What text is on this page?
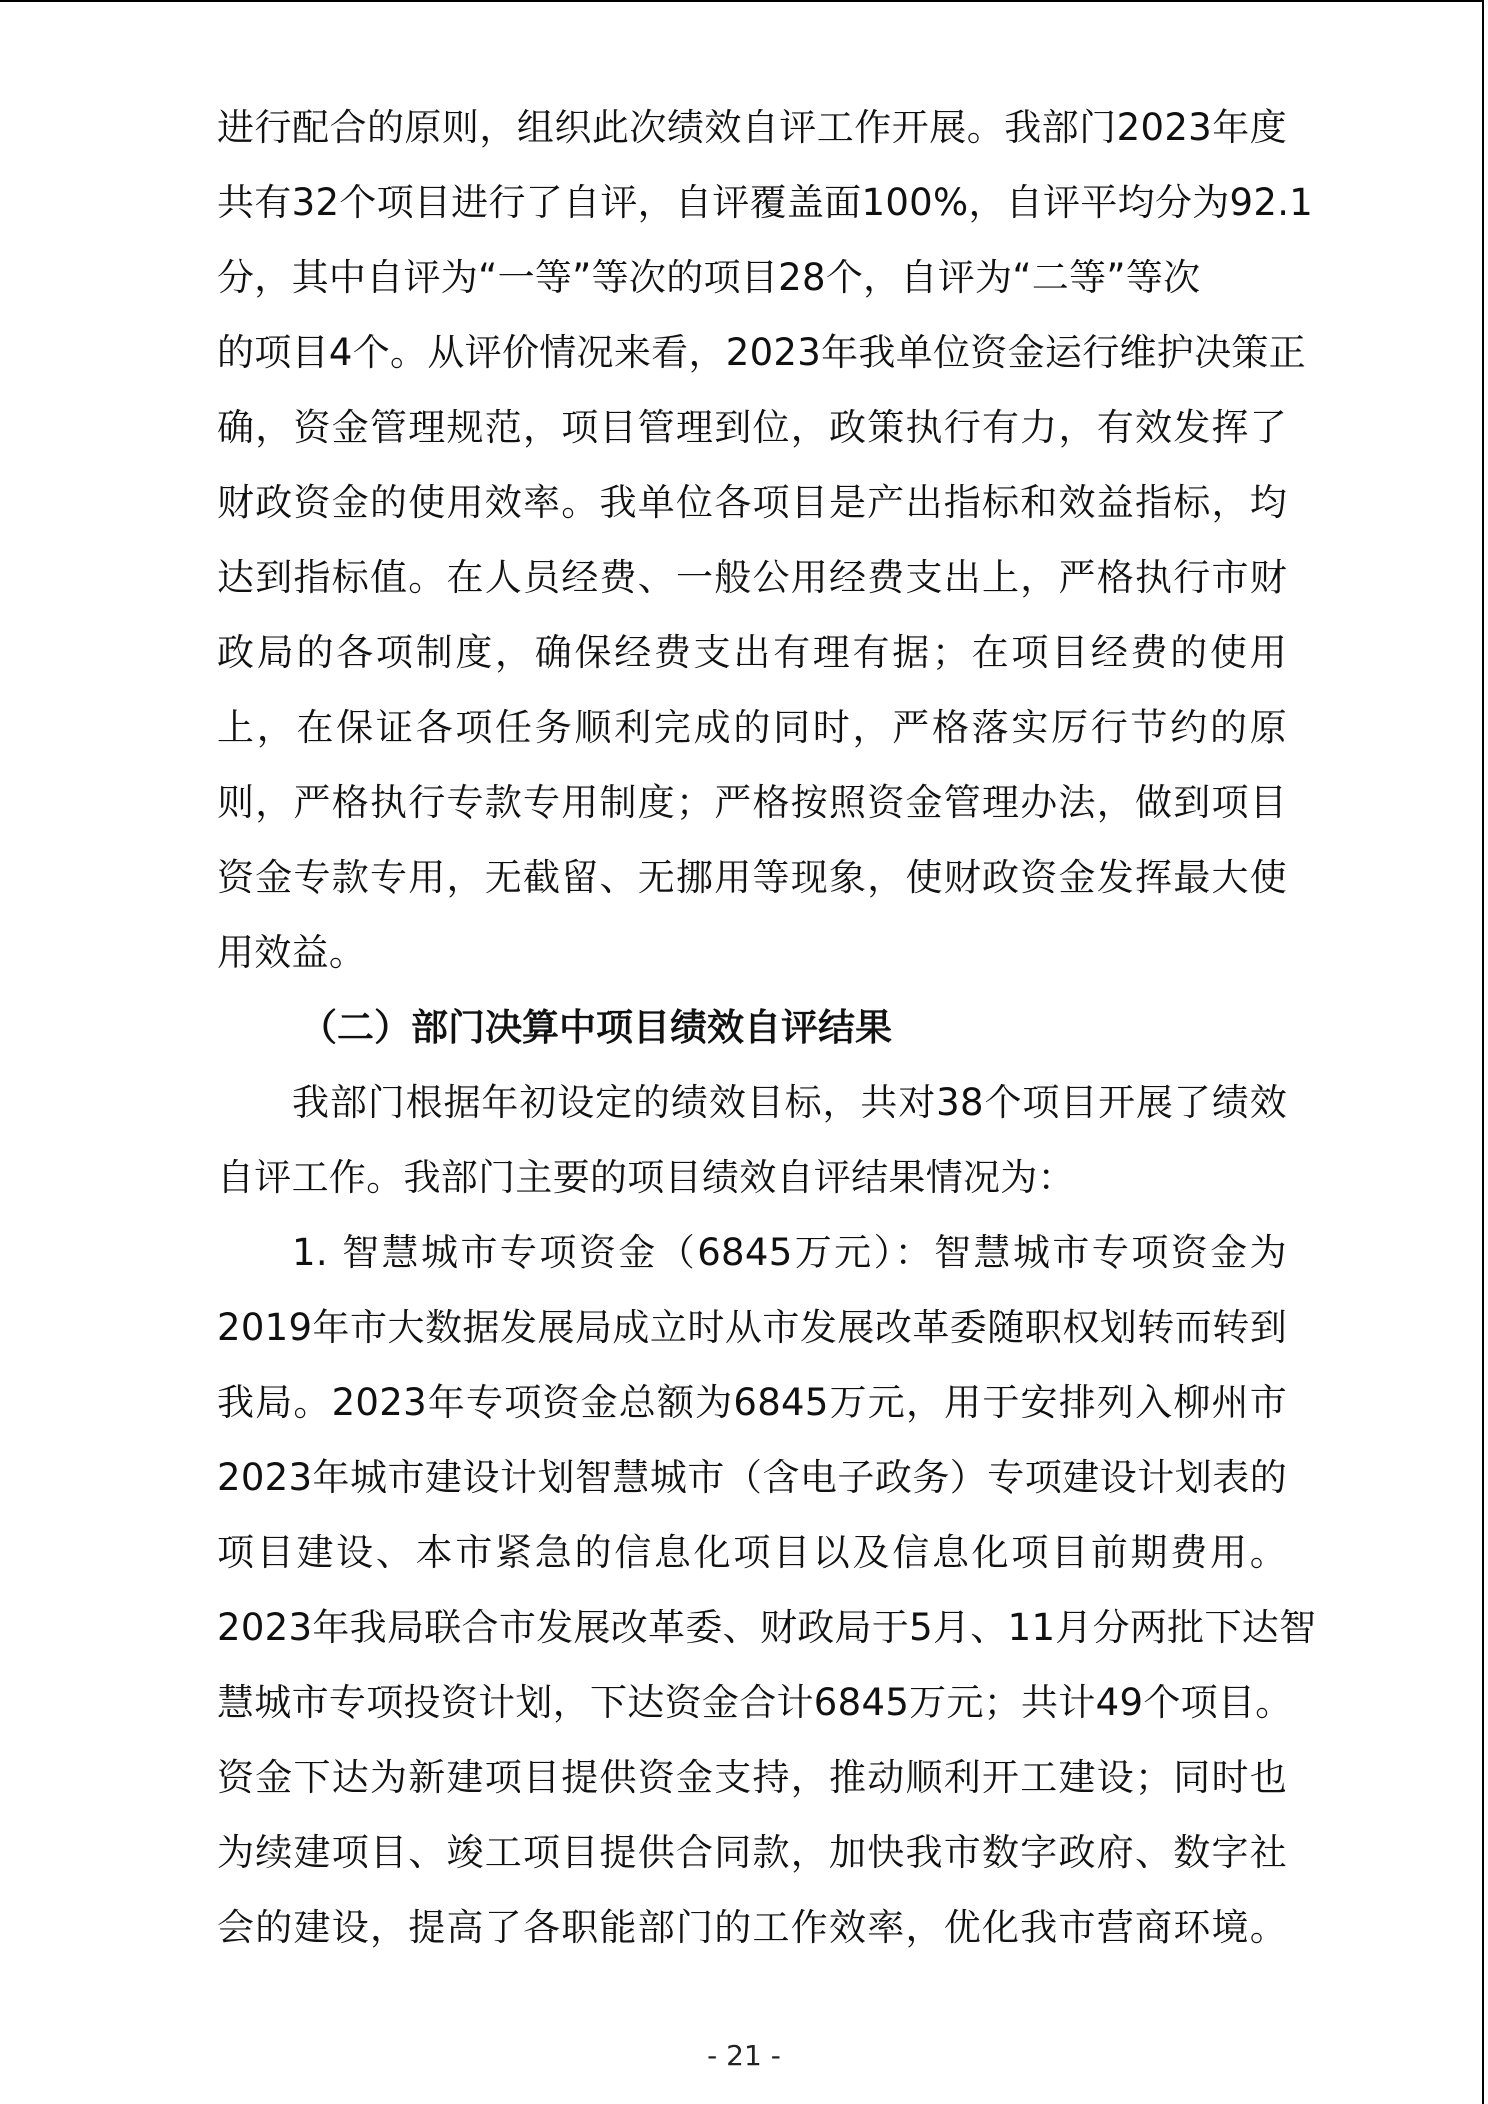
进行配合的原则，组织此次绩效自评工作开展。我部门2023年度
共有32个项目进行了自评，自评覆盖面100%，自评平均分为92.1
分，其中自评为“一等”等次的项目28个，自评为“二等”等次
的项目4个。从评价情况来看，2023年我单位资金运行维护决策正
确，资金管理规范，项目管理到位，政策执行有力，有效发挥了
财政资金的使用效率。我单位各项目是产出指标和效益指标，均
达到指标值。在人员经费、一般公用经费支出上，严格执行市财
政局的各项制度，确保经费支出有理有据；在项目经费的使用
上，在保证各项任务顺利完成的同时，严格落实厉行节约的原
则，严格执行专款专用制度；严格按照资金管理办法，做到项目
资金专款专用，无截留、无挪用等现象，使财政资金发挥最大使
用效益。
（二）部门决算中项目绩效自评结果
我部门根据年初设定的绩效目标，共对38个项目开展了绩效
自评工作。我部门主要的项目绩效自评结果情况为：
1. 智慧城市专项资金（6845万元）：智慧城市专项资金为
2019年市大数据发展局成立时从市发展改革委随职权划转而转到
我局。2023年专项资金总额为6845万元，用于安排列入柳州市
2023年城市建设计划智慧城市（含电子政务）专项建设计划表的
项目建设、本市紧急的信息化项目以及信息化项目前期费用。
2023年我局联合市发展改革委、财政局于5月、11月分两批下达智
慧城市专项投资计划，下达资金合计6845万元；共计49个项目。
资金下达为新建项目提供资金支持，推动顺利开工建设；同时也
为续建项目、竣工项目提供合同款，加快我市数字政府、数字社
会的建设，提高了各职能部门的工作效率，优化我市营商环境。
- 21 -
